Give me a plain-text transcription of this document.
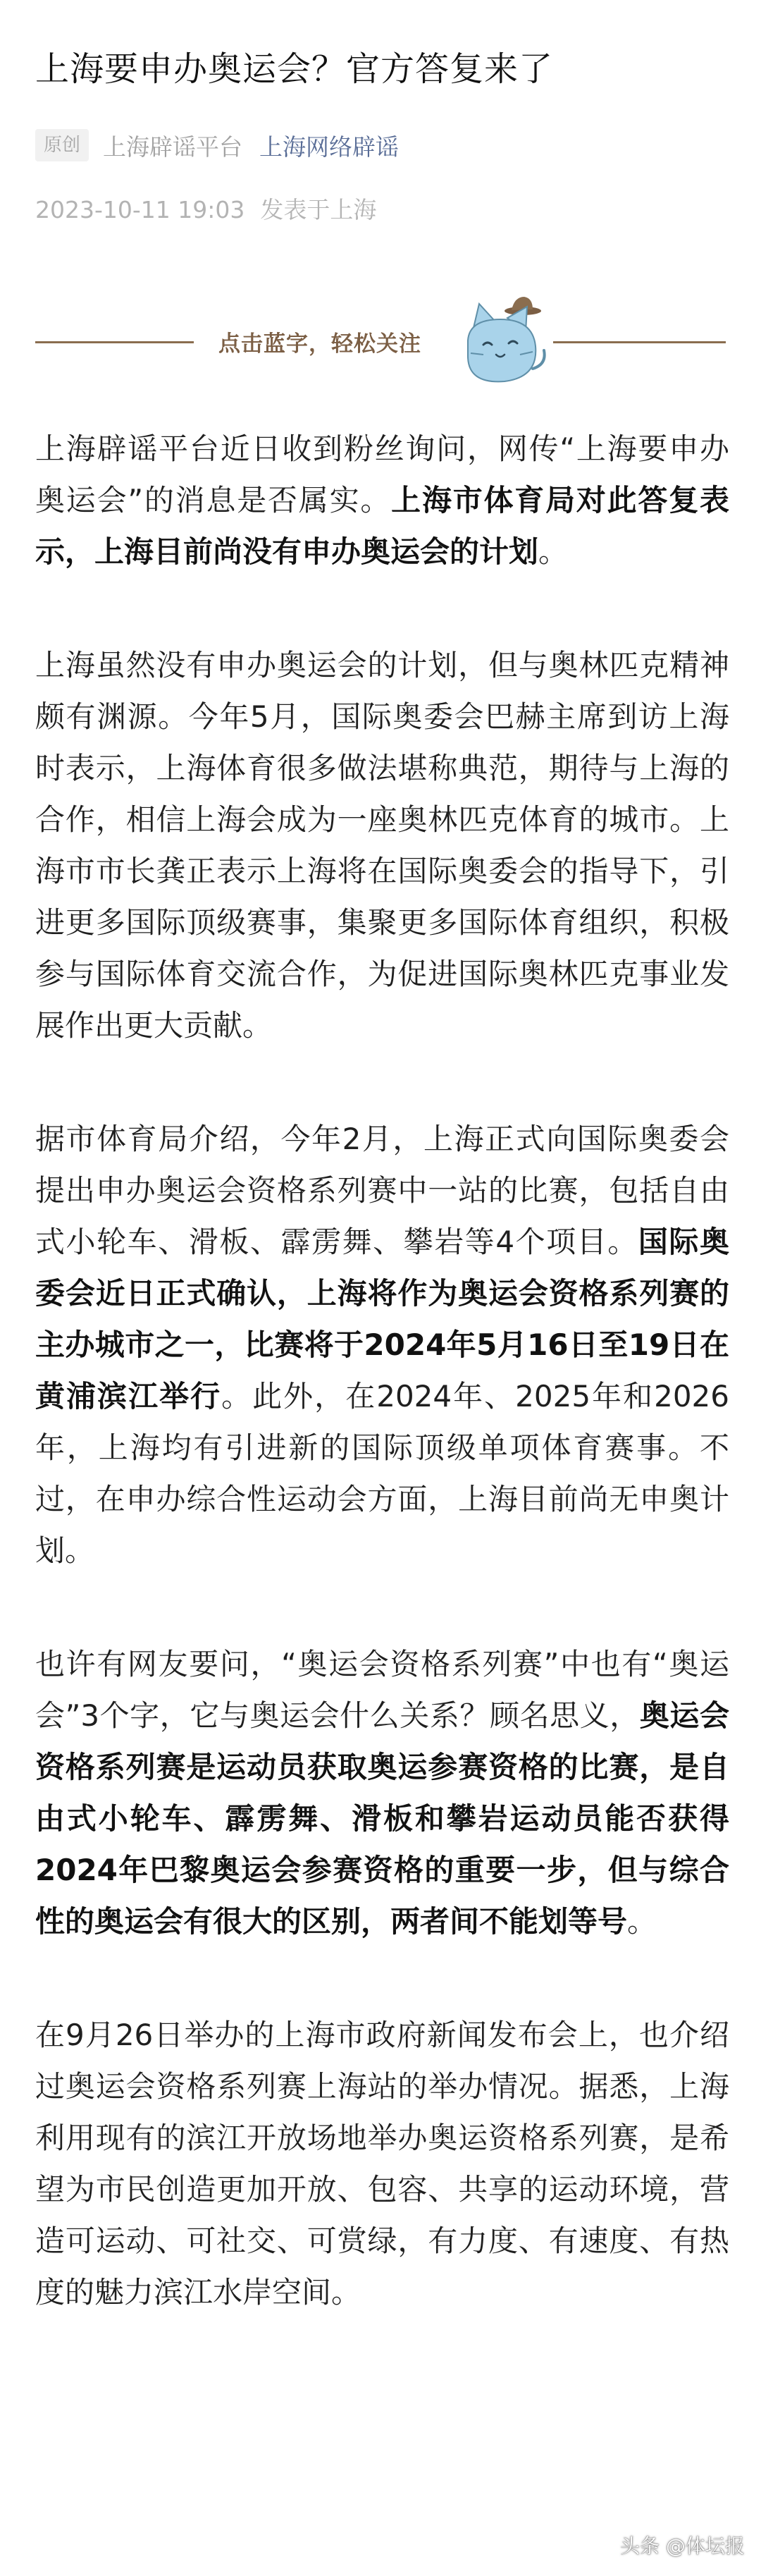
上海要申办奥运会？官方答复来了
原创 上海辟谣平台 上海网络辟谣
2023-10-11 19:03 发表于上海
点击蓝字，轻松关注

上海辟谣平台近日收到粉丝询问，网传“上海要申办奥运会”的消息是否属实。上海市体育局对此答复表示，上海目前尚没有申办奥运会的计划。

上海虽然没有申办奥运会的计划，但与奥林匹克精神颇有渊源。今年5月，国际奥委会巴赫主席到访上海时表示，上海体育很多做法堪称典范，期待与上海的合作，相信上海会成为一座奥林匹克体育的城市。上海市市长龚正表示上海将在国际奥委会的指导下，引进更多国际顶级赛事，集聚更多国际体育组织，积极参与国际体育交流合作，为促进国际奥林匹克事业发展作出更大贡献。

据市体育局介绍，今年2月，上海正式向国际奥委会提出申办奥运会资格系列赛中一站的比赛，包括自由式小轮车、滑板、霹雳舞、攀岩等4个项目。国际奥委会近日正式确认，上海将作为奥运会资格系列赛的主办城市之一，比赛将于2024年5月16日至19日在黄浦滨江举行。此外，在2024年、2025年和2026年，上海均有引进新的国际顶级单项体育赛事。不过，在申办综合性运动会方面，上海目前尚无申奥计划。

也许有网友要问，“奥运会资格系列赛”中也有“奥运会”3个字，它与奥运会什么关系？顾名思义，奥运会资格系列赛是运动员获取奥运参赛资格的比赛，是自由式小轮车、霹雳舞、滑板和攀岩运动员能否获得2024年巴黎奥运会参赛资格的重要一步，但与综合性的奥运会有很大的区别，两者间不能划等号。

在9月26日举办的上海市政府新闻发布会上，也介绍过奥运会资格系列赛上海站的举办情况。据悉，上海利用现有的滨江开放场地举办奥运资格系列赛，是希望为市民创造更加开放、包容、共享的运动环境，营造可运动、可社交、可赏绿，有力度、有速度、有热度的魅力滨江水岸空间。

头条 @体坛报
